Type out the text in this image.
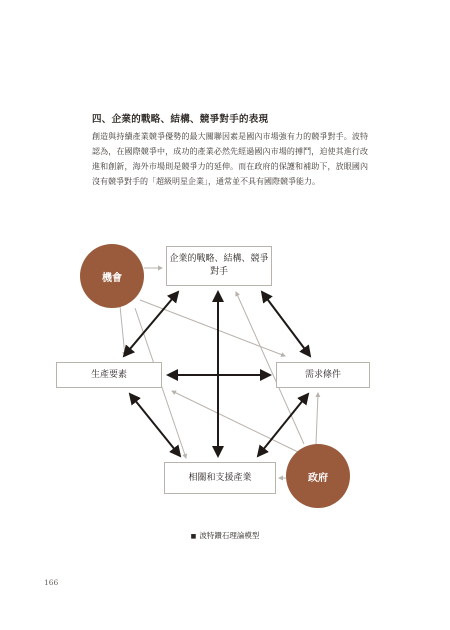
四、企業的戰略、結構、競爭對手的表現
創造與持續產業競爭優勢的最大關聯因素是國內市場強有力的競爭對手。波特認為，在國際競爭中，成功的產業必然先經過國內市場的搏鬥，迫使其進行改進和創新，海外市場則是競爭力的延伸。而在政府的保護和補助下，放眼國內沒有競爭對手的「超級明星企業」，通常並不具有國際競爭能力。
企業的戰略、結構、競爭對手
生產要素	需求條件
相關和支援產業
機會
政府
■ 波特鑽石理論模型
166
